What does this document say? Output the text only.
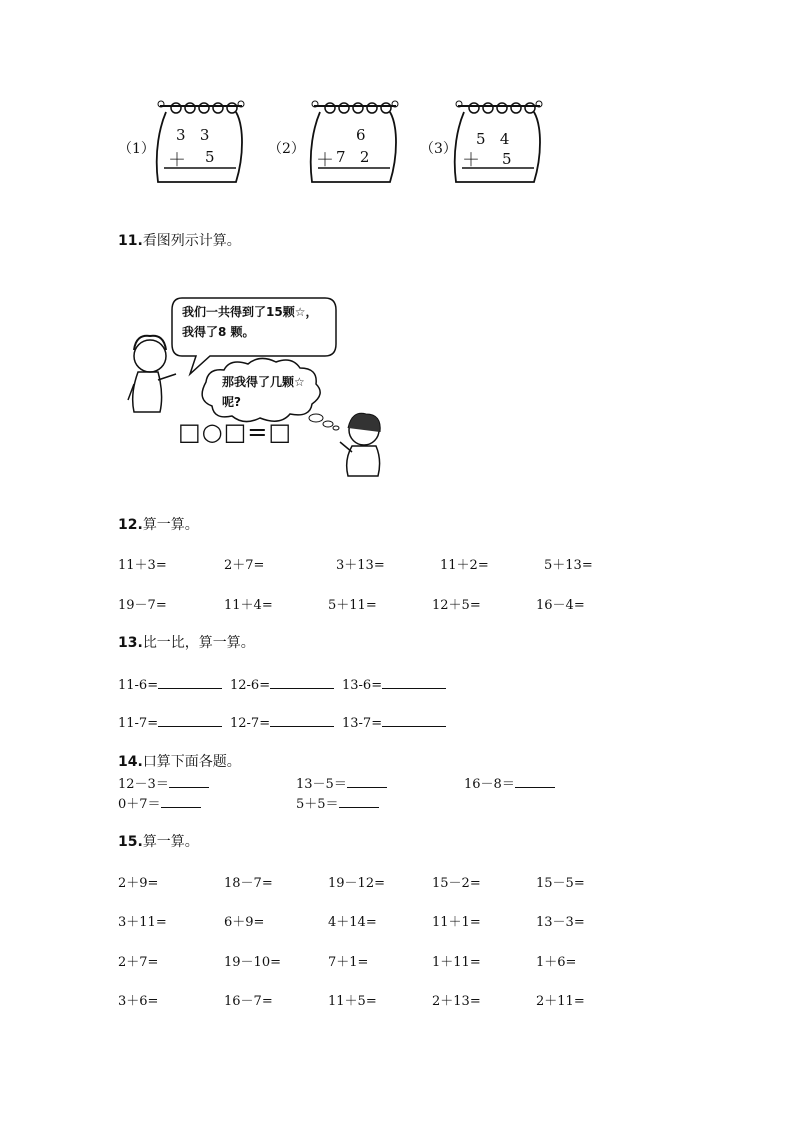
（1）
3   3
＋ 5	（2）
6
＋ 7   2	（3）
5   4
＋ 5
11.看图列示计算。
我们一共得到了15颗☆，
我得了8 颗。
那我得了几颗☆
呢?
□○□=□
12.算一算。
11＋3=	2＋7=	3＋13=	11＋2=	5＋13=
19－7=	11＋4=	5＋11=	12＋5=	16－4=
13.比一比，算一算。
11-6=	12-6=	13-6=
11-7=	12-7=	13-7=
14.口算下面各题。
12－3＝	13－5＝	16－8＝
0＋7＝	5＋5＝
15.算一算。
2＋9=	18－7=	19－12=	15－2=	15－5=
3＋11=	6＋9=	4＋14=	11＋1=	13－3=
2＋7=	19－10=	7＋1=	1＋11=	1＋6=
3＋6=	16－7=	11＋5=	2＋13=	2＋11=
